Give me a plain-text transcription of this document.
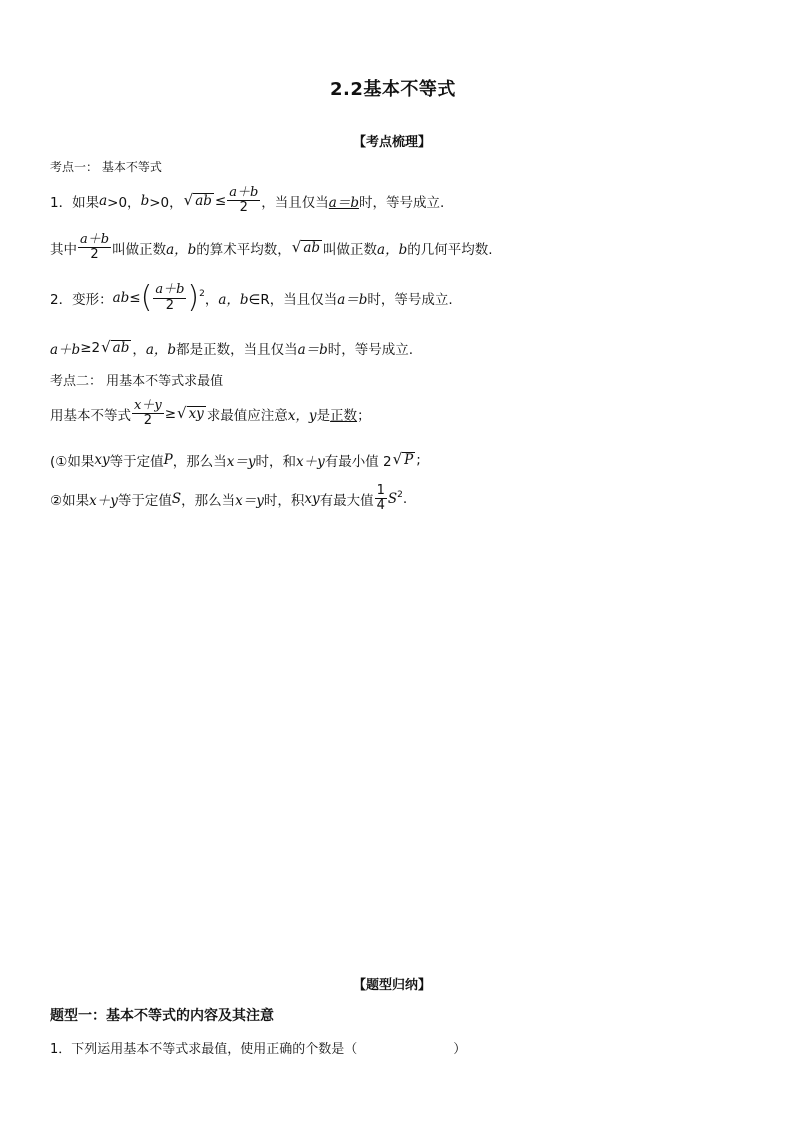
2.2基本不等式
【考点梳理】
考点一： 基本不等式
1．如果 a >0， b >0， √ ab ≤ $\frac{a+b}{2}$ ，当且仅当 a＝b 时，等号成立.
其中 $\frac{a+b}{2}$ 叫做正数 a，b 的算术平均数， √ ab 叫做正数 a，b 的几何平均数.
2．变形： ab ≤ ( $\frac{a+b}{2} )^2$ ， a，b ∈R，当且仅当 a＝b 时，等号成立.
a＋b ≥2 √ ab ， a，b 都是正数，当且仅当 a＝b 时，等号成立.
考点二： 用基本不等式求最值
用基本不等式 $\frac{x+y}{2}$ ≥ √ xy 求最值应注意 x，y 是 正数 ；
(①如果 xy 等于定值 P ，那么当 x＝y 时，和 x＋y 有最小值 2 √ P ;
②如果 x＋y 等于定值 S ，那么当 x＝y 时，积 xy 有最大值 $\frac{1}{4} S^2$ .
【题型归纳】
题型一：基本不等式的内容及其注意
1．下列运用基本不等式求最值，使用正确的个数是（	）
